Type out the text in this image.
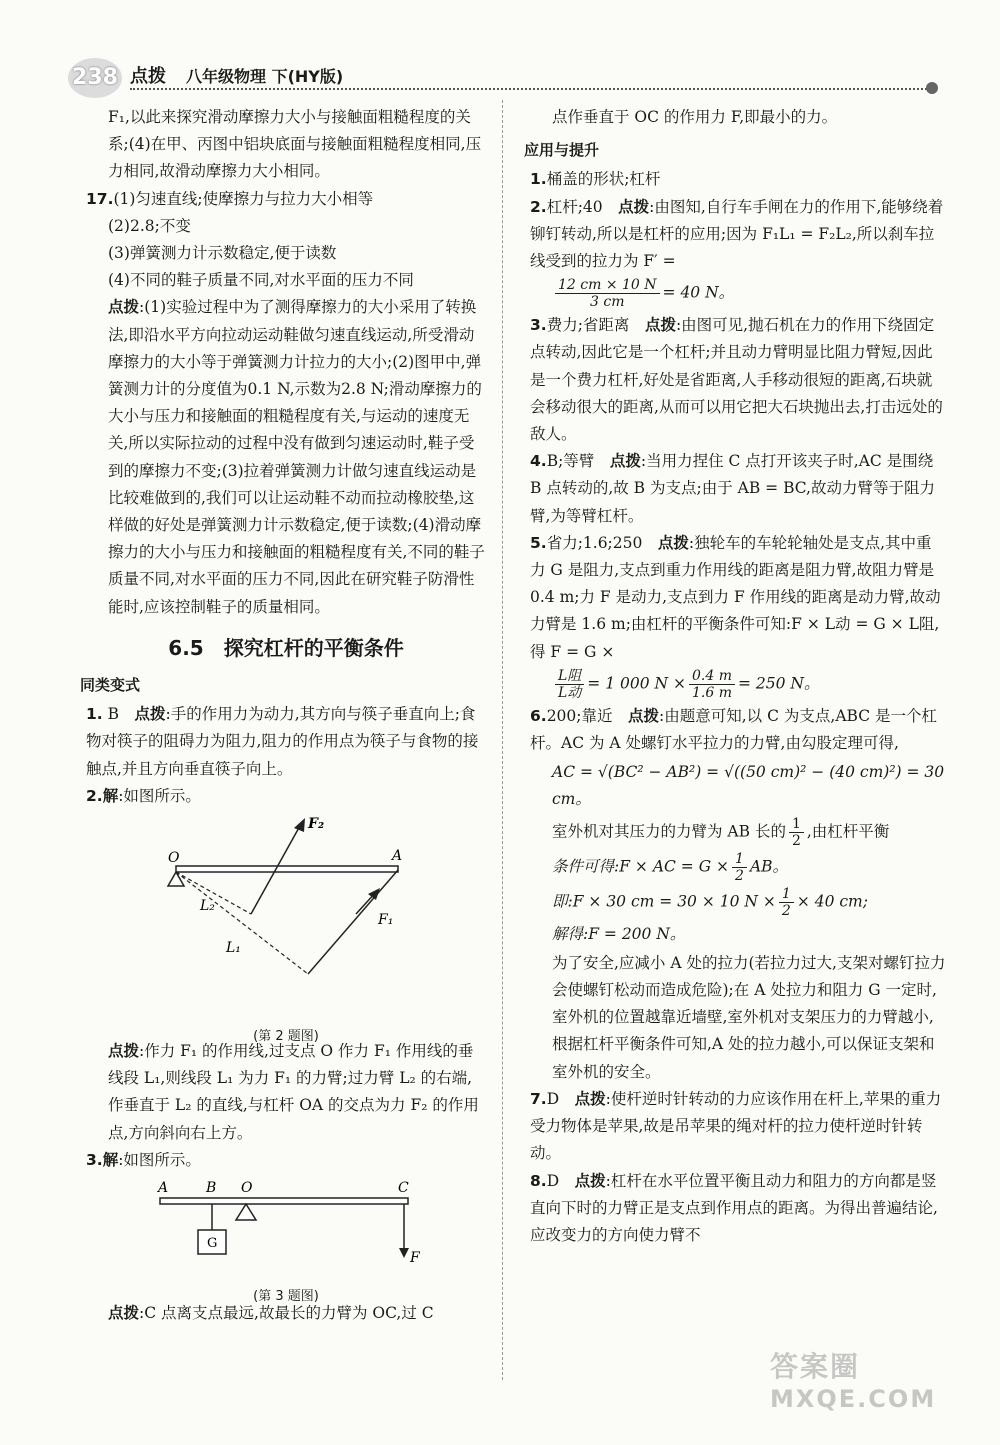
238 点拨 八年级物理 下(HY版)

F₁,以此来探究滑动摩擦力大小与接触面粗糙程度的关系;(4)在甲、丙图中铝块底面与接触面粗糙程度相同,压力相同,故滑动摩擦力大小相同。

17.(1)匀速直线;使摩擦力与拉力大小相等

(2)2.8;不变

(3)弹簧测力计示数稳定,便于读数

(4)不同的鞋子质量不同,对水平面的压力不同

点拨:(1)实验过程中为了测得摩擦力的大小采用了转换法,即沿水平方向拉动运动鞋做匀速直线运动,所受滑动摩擦力的大小等于弹簧测力计拉力的大小;(2)图甲中,弹簧测力计的分度值为0.1 N,示数为2.8 N;滑动摩擦力的大小与压力和接触面的粗糙程度有关,与运动的速度无关,所以实际拉动的过程中没有做到匀速运动时,鞋子受到的摩擦力不变;(3)拉着弹簧测力计做匀速直线运动是比较难做到的,我们可以让运动鞋不动而拉动橡胶垫,这样做的好处是弹簧测力计示数稳定,便于读数;(4)滑动摩擦力的大小与压力和接触面的粗糙程度有关,不同的鞋子质量不同,对水平面的压力不同,因此在研究鞋子防滑性能时,应该控制鞋子的质量相同。

6.5　探究杠杆的平衡条件
同类变式

1. B　 点拨:手的作用力为动力,其方向与筷子垂直向上;食物对筷子的阻碍力为阻力,阻力的作用点为筷子与食物的接触点,并且方向垂直筷子向上。

2.解:如图所示。

O	A
F₂
F₁
L₁
L₂
(第 2 题图)

点拨:作力 F₁ 的作用线,过支点 O 作力 F₁ 作用线的垂线段 L₁,则线段 L₁ 为力 F₁ 的力臂;过力臂 L₂ 的右端,作垂直于 L₂ 的直线,与杠杆 OA 的交点为力 F₂ 的作用点,方向斜向右上方。

3.解:如图所示。

A	B O	C
G
F
(第 3 题图)

点拨:C 点离支点最远,故最长的力臂为 OC,过 C

点作垂直于 OC 的作用力 F,即最小的力。

应用与提升

1.桶盖的形状;杠杆

2.杠杆;40　 点拨:由图知,自行车手闸在力的作用下,能够绕着铆钉转动,所以是杠杆的应用;因为 F₁L₁ = F₂L₂,所以刹车拉线受到的拉力为 F′ =

$\frac{12 cm \times 10 N}{3 cm} = 40$ N。

3.费力;省距离　 点拨:由图可见,抛石机在力的作用下绕固定点转动,因此它是一个杠杆;并且动力臂明显比阻力臂短,因此是一个费力杠杆,好处是省距离,人手移动很短的距离,石块就会移动很大的距离,从而可以用它把大石块抛出去,打击远处的敌人。

4.B;等臂　 点拨:当用力捏住 C 点打开该夹子时,AC 是围绕 B 点转动的,故 B 为支点;由于 AB = BC,故动力臂等于阻力臂,为等臂杠杆。

5.省力;1.6;250　 点拨:独轮车的车轮轮轴处是支点,其中重力 G 是阻力,支点到重力作用线的距离是阻力臂,故阻力臂是 0.4 m;力 F 是动力,支点到力 F 作用线的距离是动力臂,故动力臂是 1.6 m;由杠杆的平衡条件可知:F × L动 = G × L阻,得 F = G ×

$\frac{\text{L阻}}{\text{L动}} = 1$ 000 $N \times \frac{0.4 m}{1.6 m} = 250$ N。

6.200;靠近　 点拨:由题意可知,以 C 为支点,ABC 是一个杠杆。AC 为 A 处螺钉水平拉力的力臂,由勾股定理可得,

AC = √(BC² − AB²) = √((50 cm)² − (40 cm)²) = 30 cm。

室外机对其压力的力臂为 AB 长的 $\frac{1}{2}$ ,由杠杆平衡

条件可得:F × AC = $G \times \frac{1}{2}$ AB。

即:F × 30 cm = 30 × 10 $N \times \frac{1}{2} \times 40$ cm;

解得:F = 200 N。

为了安全,应减小 A 处的拉力(若拉力过大,支架对螺钉拉力会使螺钉松动而造成危险);在 A 处拉力和阻力 G 一定时,室外机的位置越靠近墙壁,室外机对支架压力的力臂越小,根据杠杆平衡条件可知,A 处的拉力越小,可以保证支架和室外机的安全。

7.D　 点拨:使杆逆时针转动的力应该作用在杆上,苹果的重力受力物体是苹果,故是吊苹果的绳对杆的拉力使杆逆时针转动。

8.D　 点拨:杠杆在水平位置平衡且动力和阻力的方向都是竖直向下时的力臂正是支点到作用点的距离。为得出普遍结论,应改变力的方向使力臂不

答案圈
MXQE.COM
